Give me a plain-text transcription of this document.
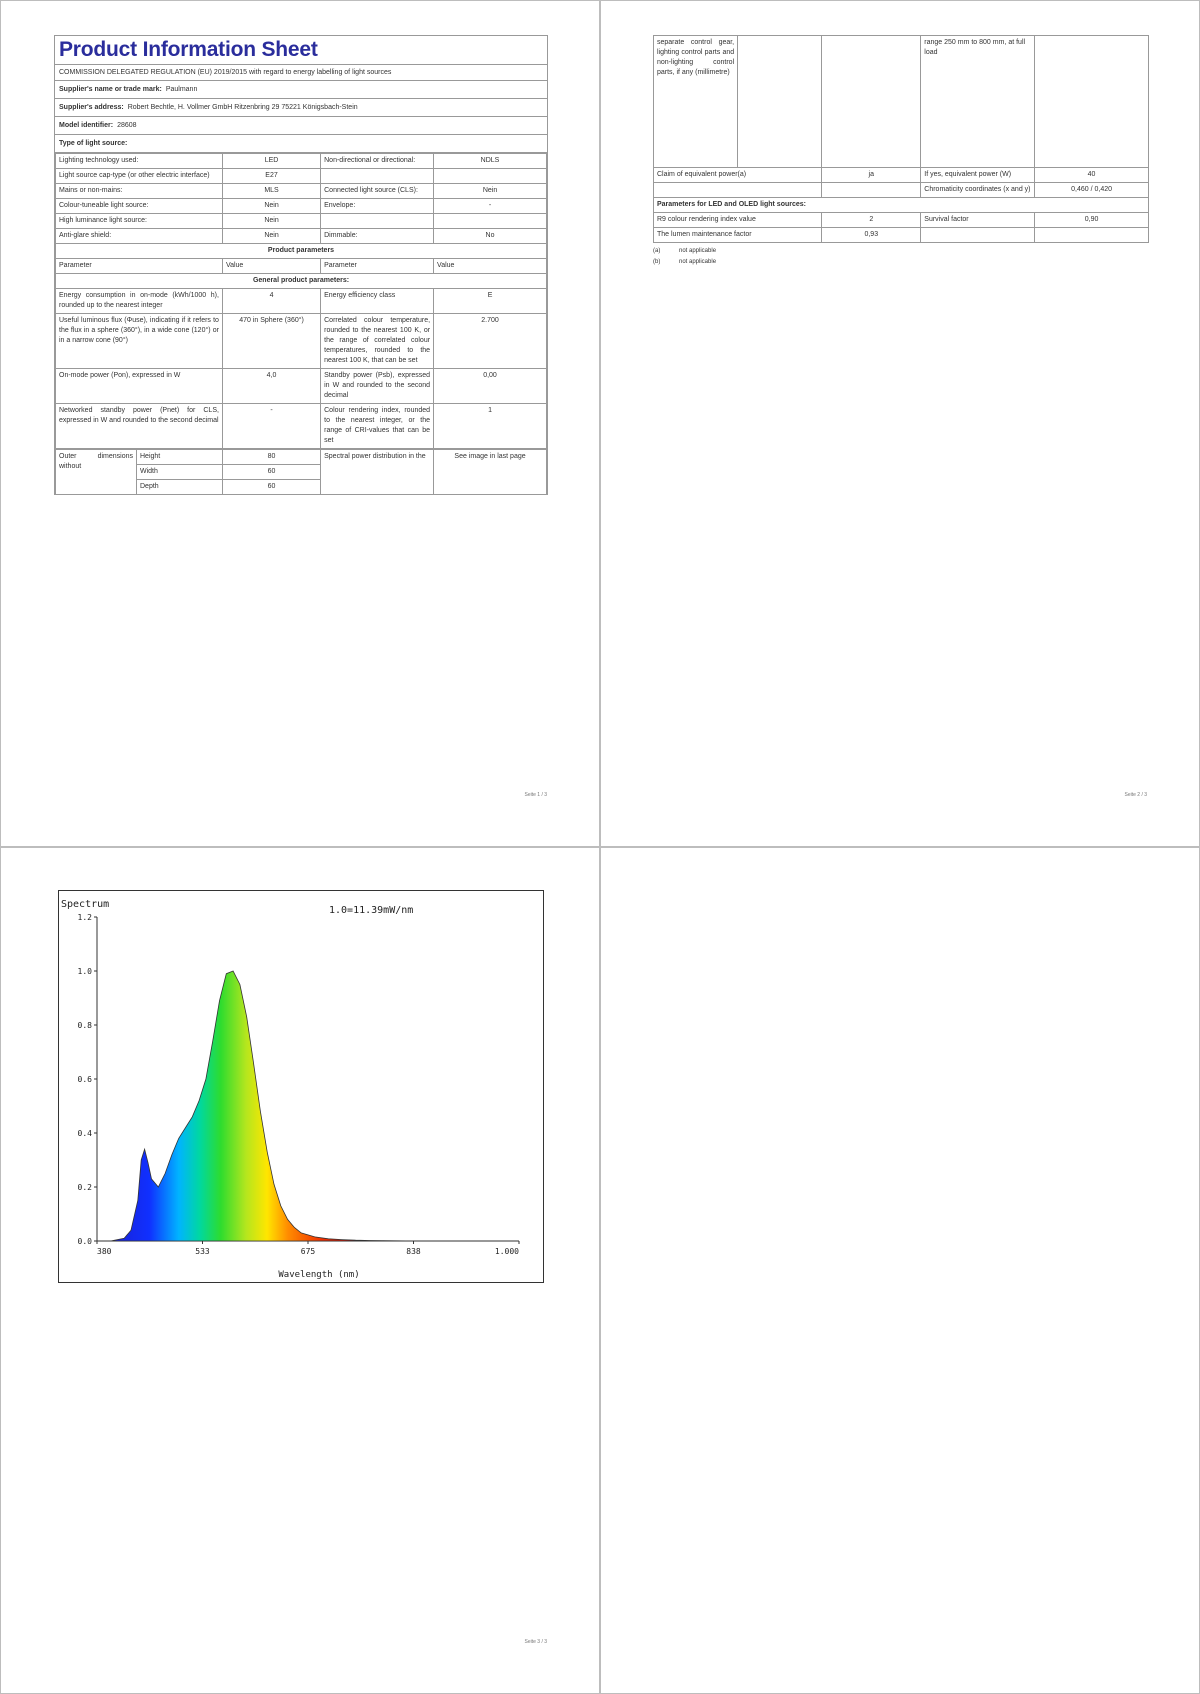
Product Information Sheet
COMMISSION DELEGATED REGULATION (EU) 2019/2015 with regard to energy labelling of light sources
Supplier's name or trade mark: Paulmann
Supplier's address: Robert Bechtle, H. Vollmer GmbH Ritzenbring 29 75221 Königsbach-Stein
Model identifier: 28608
Type of light source:
Lighting technology used:	LED	Non-directional or directional:	NDLS
Light source cap-type (or other electric interface)	E27		
Mains or non-mains:	MLS	Connected light source (CLS):	Nein
Colour-tuneable light source:	Nein	Envelope:	-
High luminance light source:	Nein		
Anti-glare shield:	Nein	Dimmable:	No
Product parameters			
Parameter	Value	Parameter	Value
General product parameters:			
Energy consumption in on-mode (kWh/1000 h), rounded up to the nearest integer	4	Energy efficiency class	E
Useful luminous flux (Φuse), indicating if it refers to the flux in a sphere (360°), in a wide cone (120°) or in a narrow cone (90°)	470 in Sphere (360°)	Correlated colour temperature, rounded to the nearest 100 K, or the range of correlated colour temperatures, rounded to the nearest 100 K, that can be set	2.700
On-mode power (Pon), expressed in W	4,0	Standby power (Psb), expressed in W and rounded to the second decimal	0,00
Networked standby power (Pnet) for CLS, expressed in W and rounded to the second decimal	-	Colour rendering index, rounded to the nearest integer, or the range of CRI-values that can be set	1
Outer dimensions without	Height	80	Spectral power distribution in the	See image in last page
	Width	60		
	Depth	60		
Seite 1 / 3
separate control gear, lighting control parts and non-lighting control parts, if any (millimetre)			range 250 mm to 800 mm, at full load	
Claim of equivalent power(a)		ja	If yes, equivalent power (W)	40
			Chromaticity coordinates (x and y)	0,460 / 0,420
Parameters for LED and OLED light sources:				
R9 colour rendering index value		2	Survival factor	0,90
The lumen maintenance factor		0,93		
(a)	not applicable
(b)	not applicable
Seite 2 / 3
0.0
0.2
0.4
0.6
0.8
1.0
1.2
380	533	675	838	1.000
Spectrum
1.0=11.39mW/nm
Wavelength (nm)
Seite 3 / 3
